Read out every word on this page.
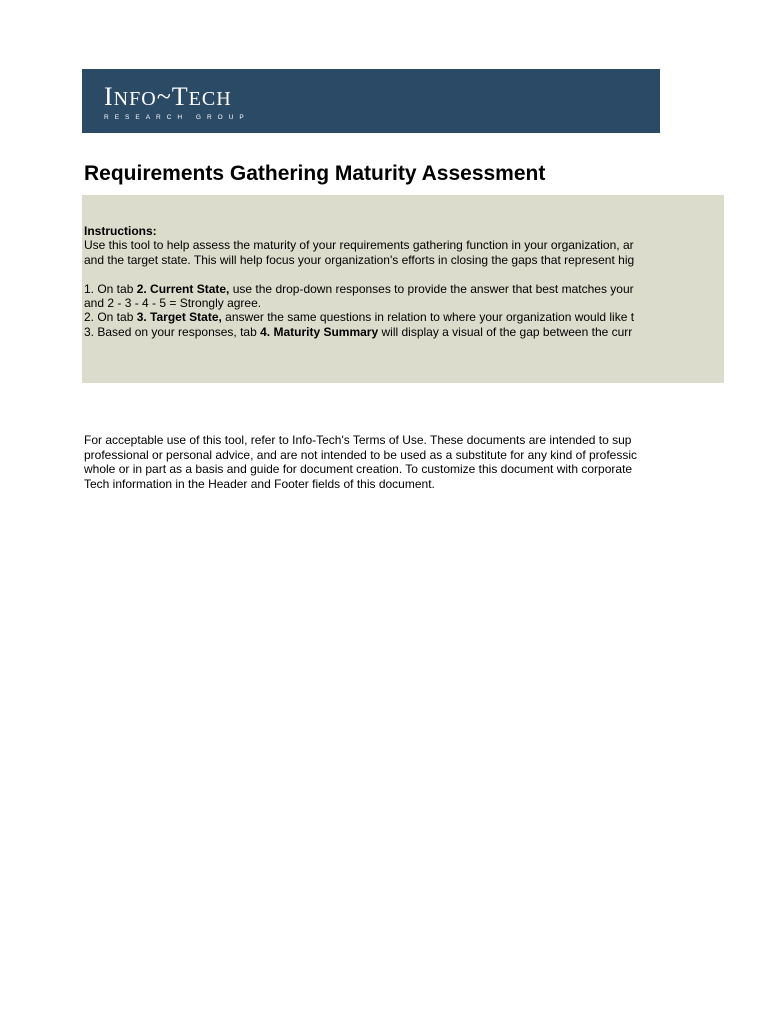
INFO~TECH
RESEARCH GROUP
Requirements Gathering Maturity Assessment
Instructions:
Use this tool to help assess the maturity of your requirements gathering function in your organization, ar
and the target state. This will help focus your organization's efforts in closing the gaps that represent hig
1. On tab 2. Current State, use the drop-down responses to provide the answer that best matches your
and 2 - 3 - 4 - 5 = Strongly agree.
2. On tab 3. Target State, answer the same questions in relation to where your organization would like t
3. Based on your responses, tab 4. Maturity Summary will display a visual of the gap between the curr
For acceptable use of this tool, refer to Info-Tech's Terms of Use. These documents are intended to sup
professional or personal advice, and are not intended to be used as a substitute for any kind of professic
whole or in part as a basis and guide for document creation. To customize this document with corporate
Tech information in the Header and Footer fields of this document.
